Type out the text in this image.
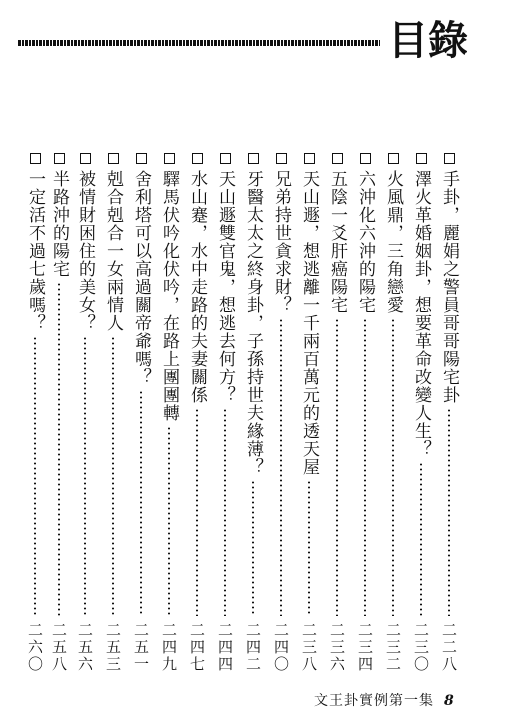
目錄
手卦，麗娟之警員哥哥陽宅卦
二二八
澤火革婚姻卦，想要革命改變人生？
二三〇
火風鼎，三角戀愛
二三二
六沖化六沖的陽宅
二三四
五陰一爻肝癌陽宅
二三六
天山遯，想逃離一千兩百萬元的透天屋
二三八
兄弟持世貪求財？
二四〇
牙醫太太之終身卦，子孫持世夫緣薄？
二四二
天山遯雙官鬼，想逃去何方？
二四四
水山蹇，水中走路的夫妻關係
二四七
驛馬伏吟化伏吟，在路上團團轉
二四九
舍利塔可以高過關帝爺嗎？
二五一
剋合剋合一女兩情人
二五三
被情財困住的美女？
二五六
半路沖的陽宅
二五八
一定活不過七歲嗎？
二六〇
文王卦實例第一集 8
